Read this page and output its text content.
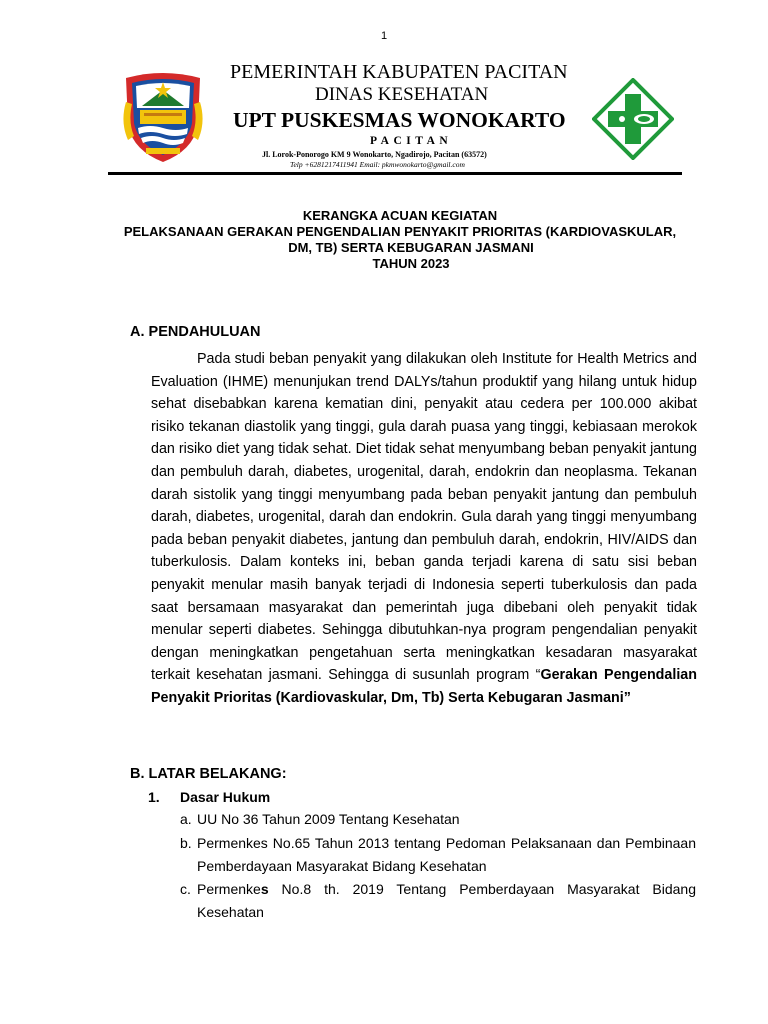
1
PEMERINTAH KABUPATEN PACITAN
DINAS KESEHATAN
UPT PUSKESMAS WONOKARTO
PACITAN
Jl. Lorok-Ponorogo KM 9 Wonokarto, Ngadirojo, Pacitan (63572)
Telp +6281217411941 Email: pkmwonokarto@gmail.com
KERANGKA ACUAN KEGIATAN
PELAKSANAAN GERAKAN PENGENDALIAN PENYAKIT PRIORITAS (KARDIOVASKULAR,
DM, TB) SERTA KEBUGARAN JASMANI
TAHUN 2023
A. PENDAHULUAN
Pada studi beban penyakit yang dilakukan oleh Institute for Health Metrics and Evaluation (IHME) menunjukan trend DALYs/tahun produktif yang hilang untuk hidup sehat disebabkan karena kematian dini, penyakit atau cedera per 100.000 akibat risiko tekanan diastolik yang tinggi, gula darah puasa yang tinggi, kebiasaan merokok dan risiko diet yang tidak sehat. Diet tidak sehat menyumbang beban penyakit jantung dan pembuluh darah, diabetes, urogenital, darah, endokrin dan neoplasma. Tekanan darah sistolik yang tinggi menyumbang pada beban penyakit jantung dan pembuluh darah, diabetes, urogenital, darah dan endokrin. Gula darah yang tinggi menyumbang pada beban penyakit diabetes, jantung dan pembuluh darah, endokrin, HIV/AIDS dan tuberkulosis. Dalam konteks ini, beban ganda terjadi karena di satu sisi beban penyakit menular masih banyak terjadi di Indonesia seperti tuberkulosis dan pada saat bersamaan masyarakat dan pemerintah juga dibebani oleh penyakit tidak menular seperti diabetes. Sehingga dibutuhkan-nya program pengendalian penyakit dengan meningkatkan pengetahuan serta meningkatkan kesadaran masyarakat terkait kesehatan jasmani. Sehingga di susunlah program “Gerakan Pengendalian Penyakit Prioritas (Kardiovaskular, Dm, Tb) Serta Kebugaran Jasmani”
B. LATAR BELAKANG:
1. Dasar Hukum
a. UU No 36 Tahun 2009 Tentang Kesehatan
b. Permenkes No.65 Tahun 2013 tentang Pedoman Pelaksanaan dan Pembinaan Pemberdayaan Masyarakat Bidang Kesehatan
c. Permenkes No.8 th. 2019 Tentang Pemberdayaan Masyarakat Bidang Kesehatan
